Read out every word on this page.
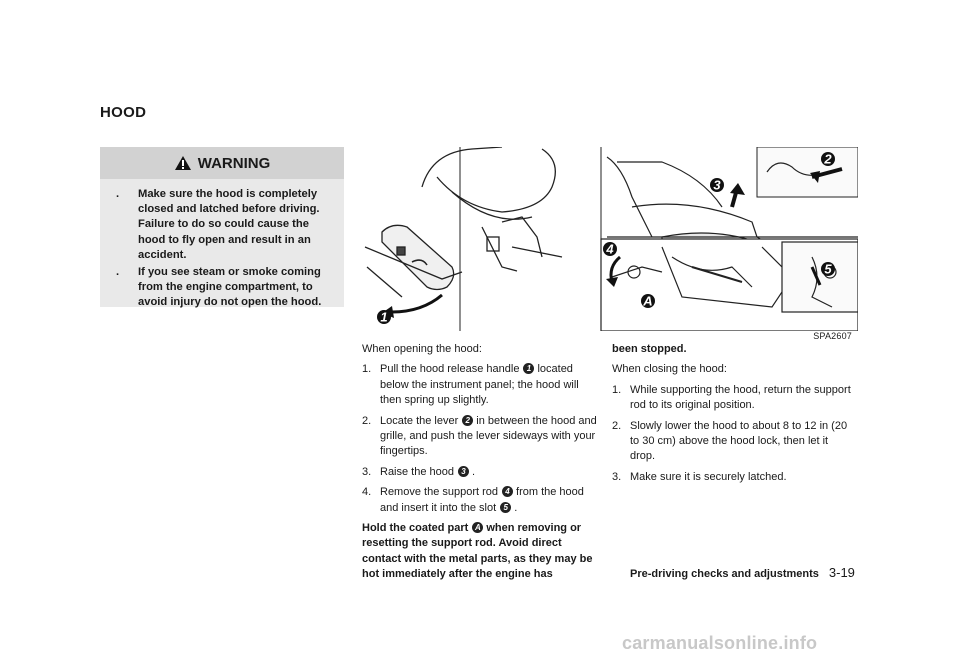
HOOD
WARNING
. Make sure the hood is completely closed and latched before driving. Failure to do so could cause the hood to fly open and result in an accident.
. If you see steam or smoke coming from the engine compartment, to avoid injury do not open the hood.
1
2
3
4
5
A
SPA2607

When opening the hood:

1. Pull the hood release handle 1 located below the instrument panel; the hood will then spring up slightly.
2. Locate the lever 2 in between the hood and grille, and push the lever sideways with your fingertips.
3. Raise the hood 3 .
4. Remove the support rod 4 from the hood and insert it into the slot 5 .

Hold the coated part A when removing or resetting the support rod. Avoid direct contact with the metal parts, as they may be hot immediately after the engine has

been stopped.

When closing the hood:

1. While supporting the hood, return the support rod to its original position.
2. Slowly lower the hood to about 8 to 12 in (20 to 30 cm) above the hood lock, then let it drop.
3. Make sure it is securely latched.
Pre-driving checks and adjustments 3-19
carmanualsonline.info
